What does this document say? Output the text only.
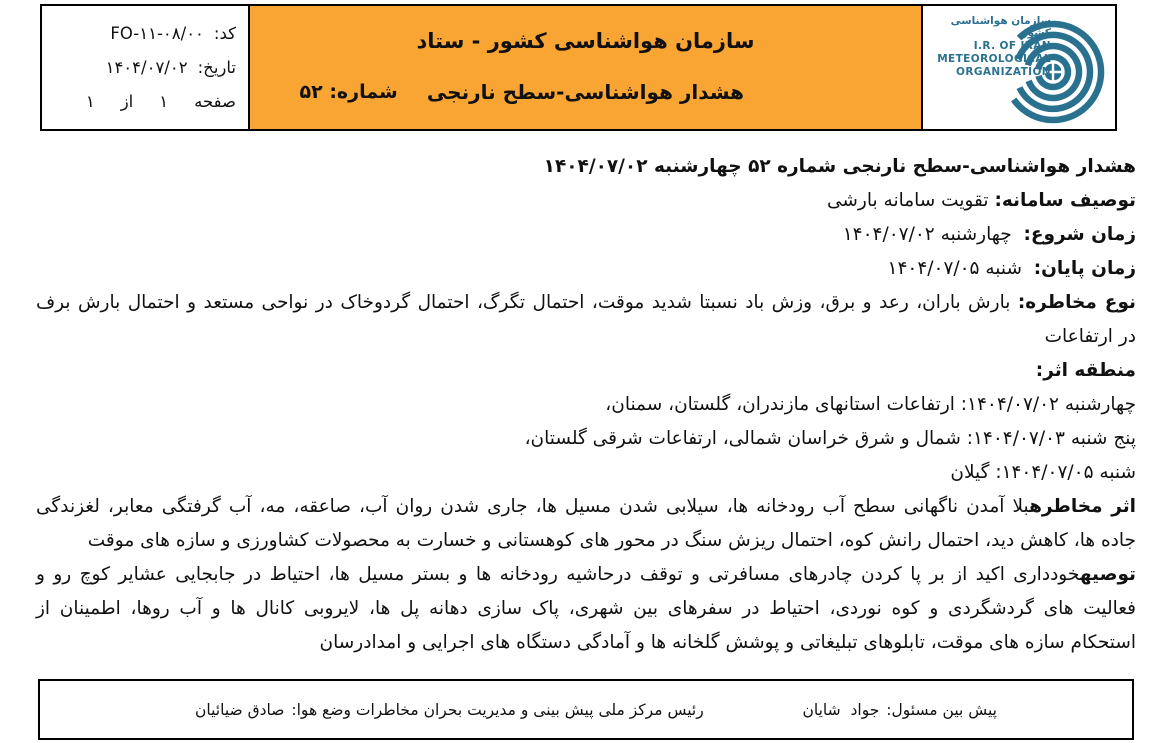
کد:
FO-۱۱-۰۸/۰۰
تاریخ:
۱۴۰۴/۰۷/۰۲
صفحه
۱
از
۱
سازمان هواشناسی کشور - ستاد
هشدار هواشناسی-سطح نارنجی
شماره: ۵۲
سازمان هواشناسی کشور
I.R. OF IRAN
METEOROLOGICAL
ORGANIZATION
هشدار هواشناسی-سطح نارنجی شماره ۵۲ چهارشنبه ۱۴۰۴/۰۷/۰۲
توصیف سامانه: تقویت سامانه بارشی
زمان شروع:  چهارشنبه ۱۴۰۴/۰۷/۰۲
زمان پایان:  شنبه ۱۴۰۴/۰۷/۰۵
نوع مخاطره: بارش باران، رعد و برق، وزش باد نسبتا شدید موقت، احتمال تگرگ، احتمال گردوخاک در نواحی مستعد و احتمال بارش برف
در ارتفاعات
منطقه اثر:
چهارشنبه ۱۴۰۴/۰۷/۰۲: ارتفاعات استانهای مازندران، گلستان، سمنان،
پنج شنبه ۱۴۰۴/۰۷/۰۳: شمال و شرق خراسان شمالی، ارتفاعات شرقی گلستان،
شنبه ۱۴۰۴/۰۷/۰۵: گیلان
اثر مخاطرهبلا آمدن ناگهانی سطح آب رودخانه ها، سیلابی شدن مسیل ها، جاری شدن روان آب، صاعقه، مه، آب گرفتگی معابر، لغزندگی
جاده ها، کاهش دید، احتمال رانش کوه، احتمال ریزش سنگ در محور های کوهستانی و خسارت به محصولات کشاورزی و سازه های موقت
توصیهخودداری اکید از بر پا کردن چادرهای مسافرتی و توقف درحاشیه رودخانه ها و بستر مسیل ها، احتیاط در جابجایی عشایر کوچ رو و
فعالیت های گردشگردی و کوه نوردی، احتیاط در سفرهای بین شهری، پاک سازی دهانه پل ها، لایروبی کانال ها و آب روها، اطمینان از
استحکام سازه های موقت، تابلوهای تبلیغاتی و پوشش گلخانه ها و آمادگی دستگاه های اجرایی و امدادرسان
پیش بین مسئول:جواد  شایان
رئیس مرکز ملی پیش بینی و مدیریت بحران مخاطرات وضع هوا:صادق ضیائیان
